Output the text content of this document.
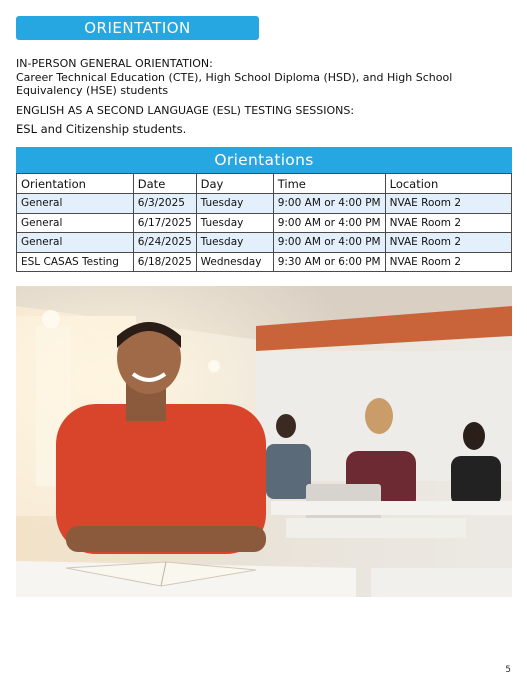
ORIENTATION

IN-PERSON GENERAL ORIENTATION:

Career Technical Education (CTE), High School Diploma (HSD), and High School Equivalency (HSE) students

ENGLISH AS A SECOND LANGUAGE (ESL) TESTING SESSIONS:

ESL and Citizenship students.

Orientations
Orientation	Date	Day	Time	Location
General	6/3/2025	Tuesday	9:00 AM or 4:00 PM	NVAE Room 2
General	6/17/2025	Tuesday	9:00 AM or 4:00 PM	NVAE Room 2
General	6/24/2025	Tuesday	9:00 AM or 4:00 PM	NVAE Room 2
ESL CASAS Testing	6/18/2025	Wednesday	9:30 AM or 6:00 PM	NVAE Room 2
5
